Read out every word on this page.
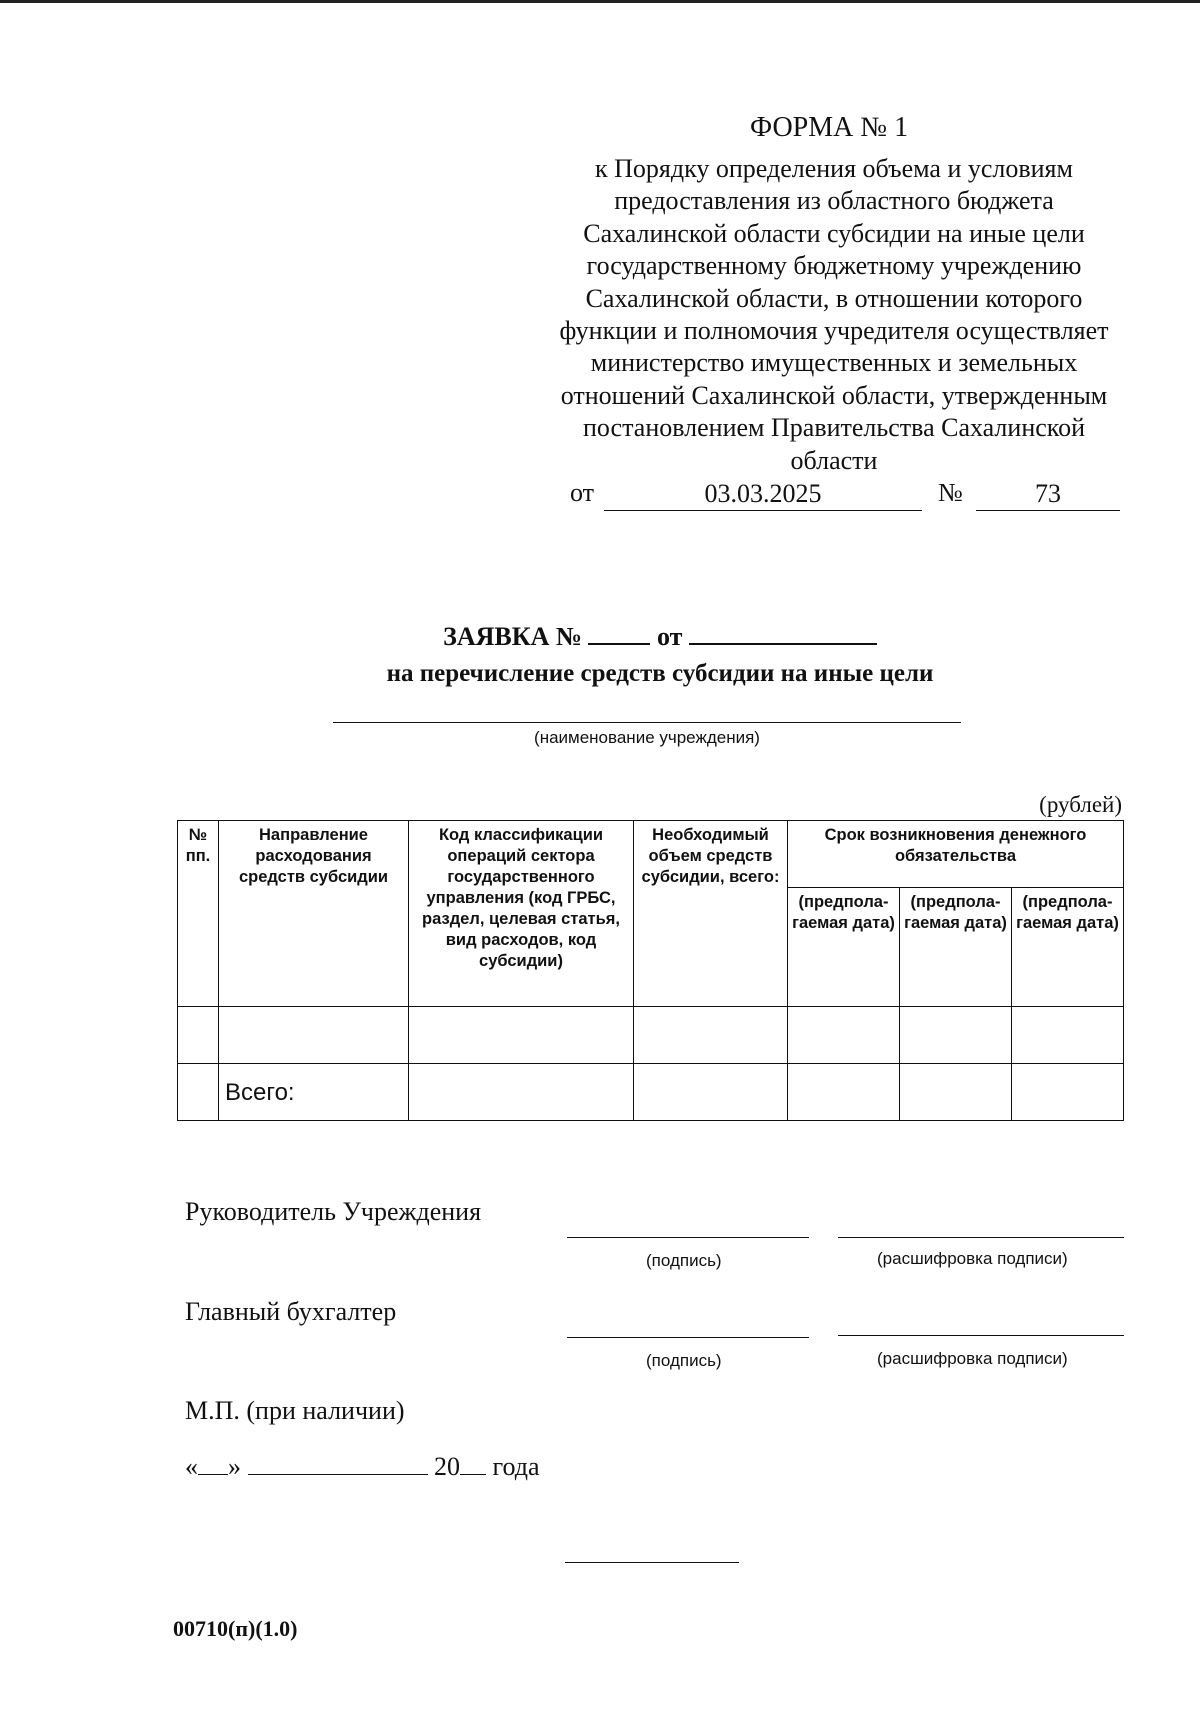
ФОРМА № 1
к Порядку определения объема и условиям предоставления из областного бюджета Сахалинской области субсидии на иные цели государственному бюджетному учреждению Сахалинской области, в отношении которого функции и полномочия учредителя осуществляет министерство имущественных и земельных отношений Сахалинской области, утвержденным постановлением Правительства Сахалинской области
от	03.03.2025	№	73
ЗАЯВКА №	от
на перечисление средств субсидии на иные цели
(наименование учреждения)
(рублей)
№ пп.	Направление расходования средств субсидии	Код классификации операций сектора государственного управления (код ГРБС, раздел, целевая статья, вид расходов, код субсидии)	Необходимый объем средств субсидии, всего:	Срок возникновения денежного обязательства		
				(предпола-гаемая дата)	(предпола-гаемая дата)	(предпола-гаемая дата)

	Всего:					
Руководитель Учреждения
(подпись)	(расшифровка подписи)
Главный бухгалтер
(подпись)	(расшифровка подписи)
М.П. (при наличии)
« »	20 года
00710(п)(1.0)
